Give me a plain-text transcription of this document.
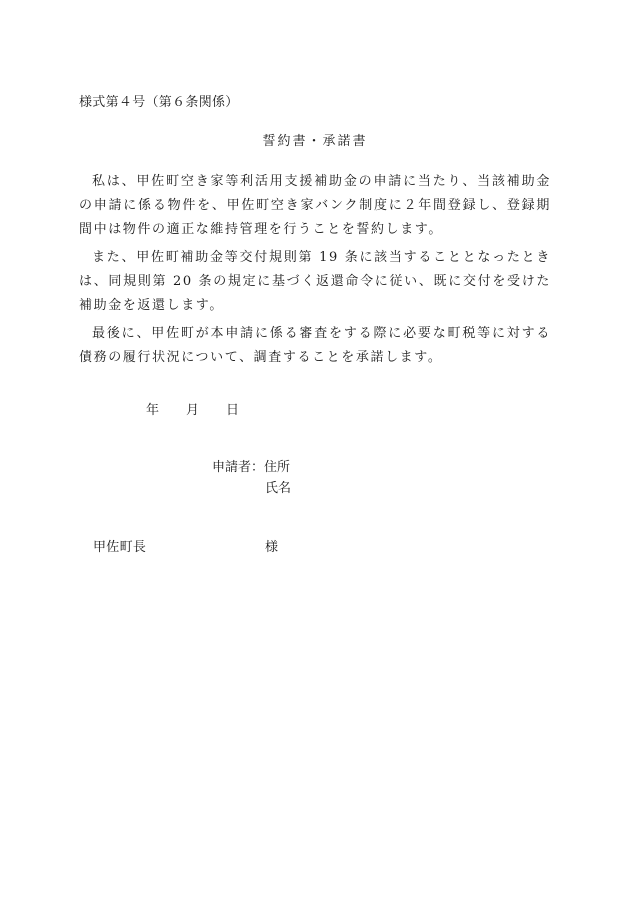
様式第４号（第６条関係）
誓約書・承諾書

私は、甲佐町空き家等利活用支援補助金の申請に当たり、当該補助金の申請に係る物件を、甲佐町空き家バンク制度に２年間登録し、登録期間中は物件の適正な維持管理を行うことを誓約します。

また、甲佐町補助金等交付規則第 19 条に該当することとなったときは、同規則第 20 条の規定に基づく返還命令に従い、既に交付を受けた補助金を返還します。

最後に、甲佐町が本申請に係る審査をする際に必要な町税等に対する債務の履行状況について、調査することを承諾します。

年 月 日
申請者：住所
氏名
甲佐町長	様
